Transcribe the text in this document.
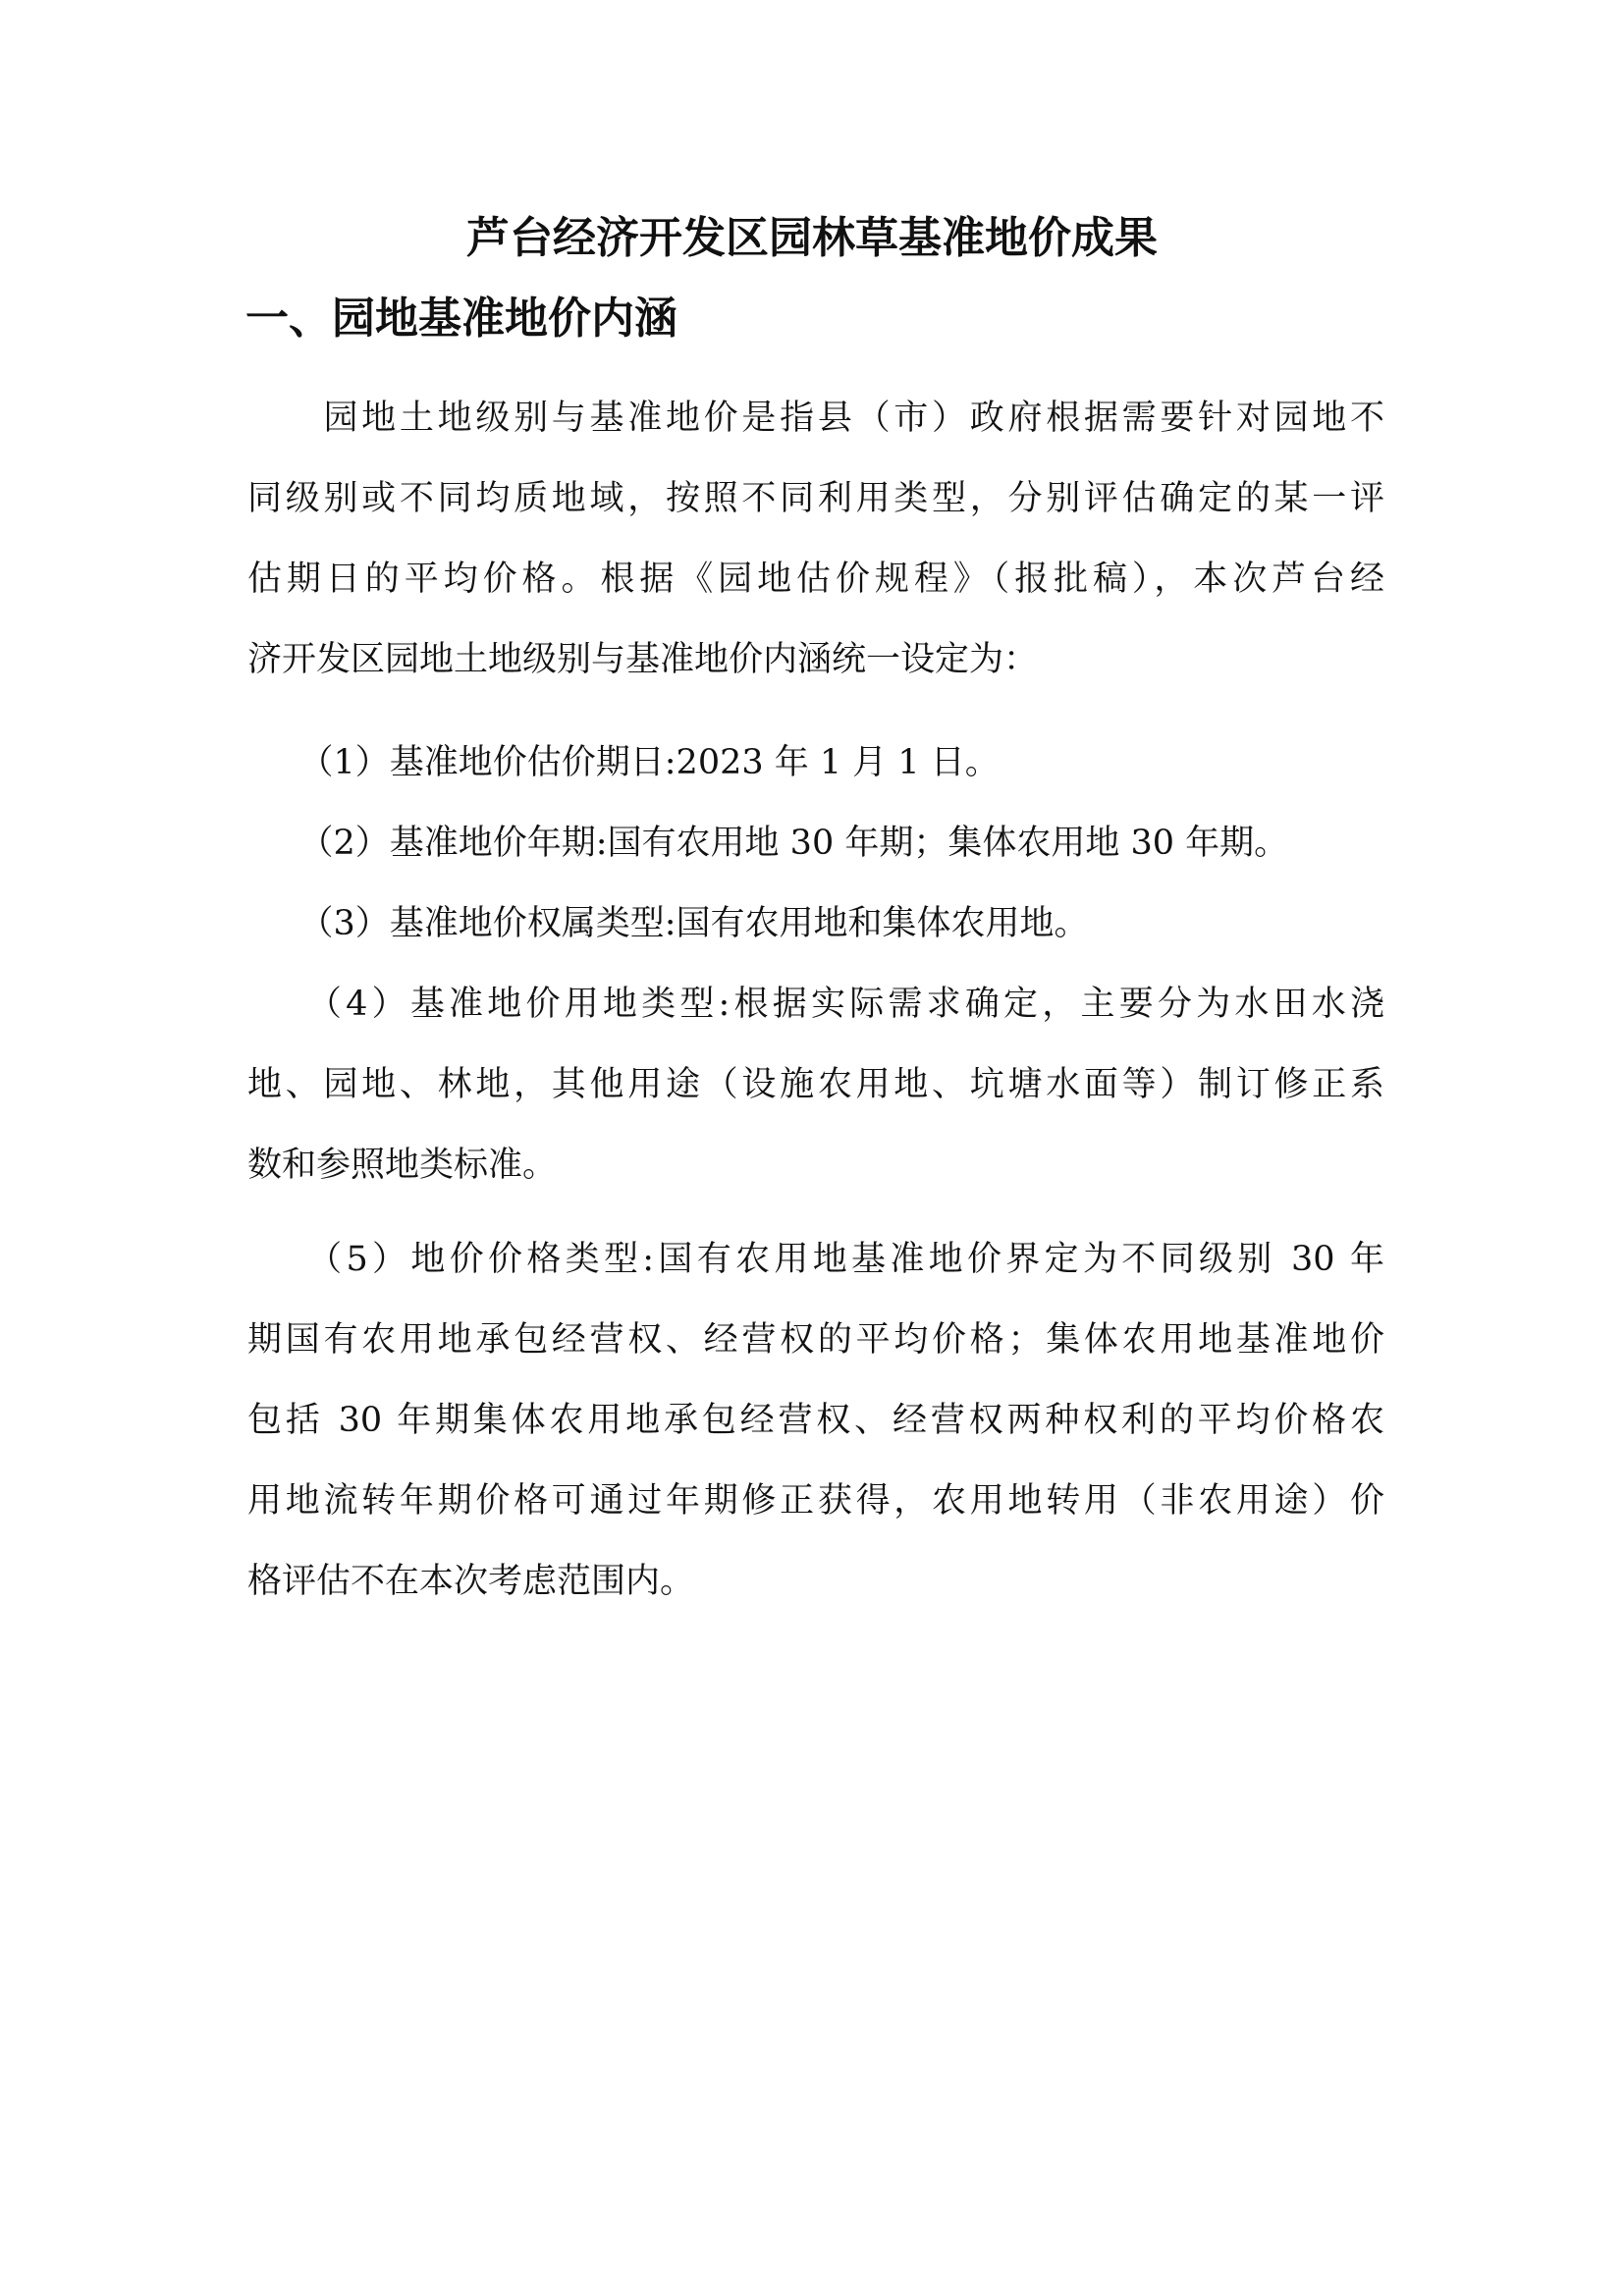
芦台经济开发区园林草基准地价成果
一、园地基准地价内涵

　　园地土地级别与基准地价是指县（市）政府根据需要针对园地不
同级别或不同均质地域，按照不同利用类型，分别评估确定的某一评
估期日的平均价格。根据《园地估价规程》（报批稿），本次芦台经
济开发区园地土地级别与基准地价内涵统一设定为：

　　（1）基准地价估价期日:2023 年 1 月 1 日。

　　（2）基准地价年期:国有农用地 30 年期；集体农用地 30 年期。

　　（3）基准地价权属类型:国有农用地和集体农用地。

　　（4）基准地价用地类型:根据实际需求确定，主要分为水田水浇
地、园地、林地，其他用途（设施农用地、坑塘水面等）制订修正系
数和参照地类标准。

　　（5）地价价格类型:国有农用地基准地价界定为不同级别 30 年
期国有农用地承包经营权、经营权的平均价格；集体农用地基准地价
包括 30 年期集体农用地承包经营权、经营权两种权利的平均价格农
用地流转年期价格可通过年期修正获得，农用地转用（非农用途）价
格评估不在本次考虑范围内。
